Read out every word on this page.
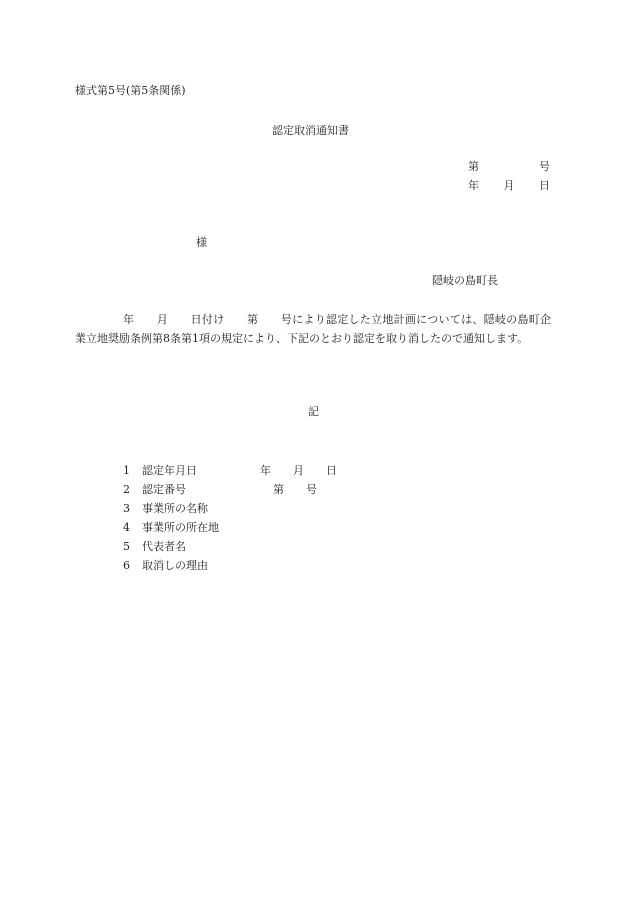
様式第5号(第5条関係)
認定取消通知書
第	号
年 月 日
様
隠岐の島町長
年　　月　　日付け　　第　　号により認定した立地計画については、隠岐の島町企業立地奨励条例第8条第1項の規定により、下記のとおり認定を取り消したので通知します。
記
1 認定年月日	年　　月　　日
2 認定番号	第　　号
3 事業所の名称
4 事業所の所在地
5 代表者名
6 取消しの理由
